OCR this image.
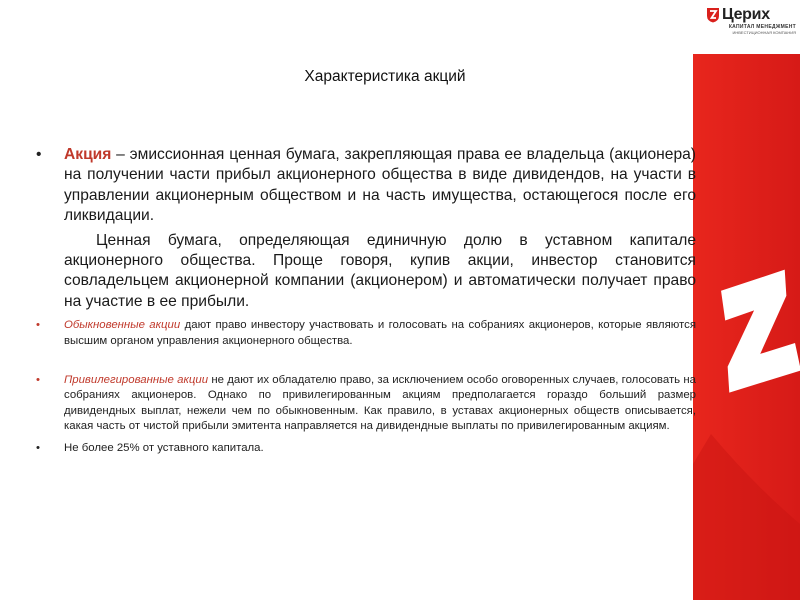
Церих
КАПИТАЛ МЕНЕДЖМЕНТ
ИНВЕСТИЦИОННАЯ КОМПАНИЯ
Характеристика акций
• Акция – эмиссионная ценная бумага, закрепляющая права ее владельца (акционера) на получении части прибыл акционерного общества в виде дивидендов, на участи в управлении акционерным обществом и на часть имущества, остающегося после его ликвидации.
Ценная бумага, определяющая единичную долю в уставном капитале акционерного общества. Проще говоря, купив акции, инвестор становится совладельцем акционерной компании (акционером) и автоматически получает право на участие в ее прибыли.
• Обыкновенные акции дают право инвестору участвовать и голосовать на собраниях акционеров, которые являются высшим органом управления акционерного общества.
• Привилегированные акции не дают их обладателю право, за исключением особо оговоренных случаев, голосовать на собраниях акционеров. Однако по привилегированным акциям предполагается гораздо больший размер дивидендных выплат, нежели чем по обыкновенным. Как правило, в уставах акционерных обществ описывается, какая часть от чистой прибыли эмитента направляется на дивидендные выплаты по привилегированным акциям.
• Не более 25% от уставного капитала.
